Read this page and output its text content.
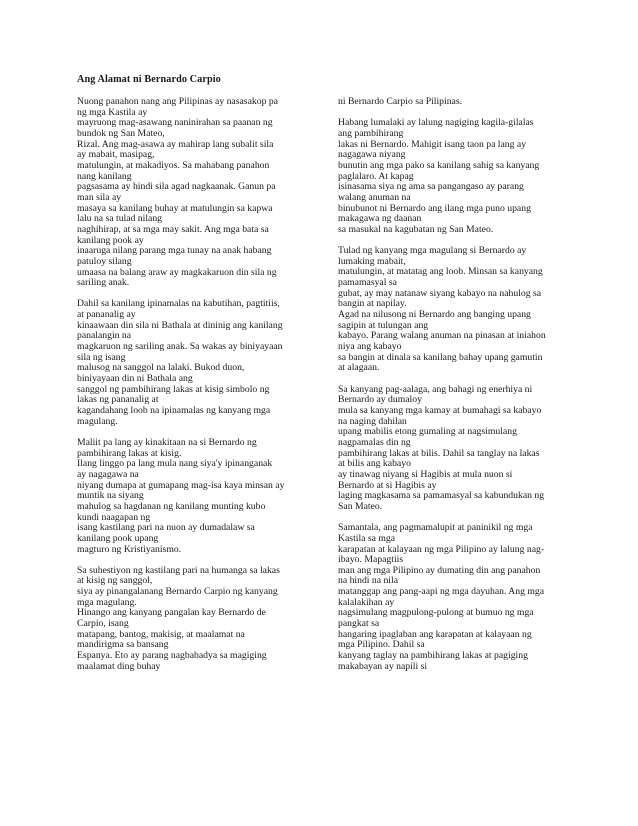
Ang Alamat ni Bernardo Carpio
Nuong panahon nang ang Pilipinas ay nasasakop pa
ng mga Kastila ay
mayruong mag-asawang naninirahan sa paanan ng
bundok ng San Mateo,
Rizal. Ang mag-asawa ay mahirap lang subalit sila
ay mabait, masipag,
matulungin, at makadiyos. Sa mahabang panahon
nang kanilang
pagsasama ay hindi sila agad nagkaanak. Ganun pa
man sila ay
masaya sa kanilang buhay at matulungin sa kapwa
lalu na sa tulad nilang
naghihirap, at sa mga may sakit. Ang mga bata sa
kanilang pook ay
inaaruga nilang parang mga tunay na anak habang
patuloy silang
umaasa na balang araw ay magkakaruon din sila ng
sariling anak.
Dahil sa kanilang ipinamalas na kabutihan, pagtitiis,
at pananalig ay
kinaawaan din sila ni Bathala at dininig ang kanilang
panalangin na
magkaruon ng sariling anak. Sa wakas ay biniyayaan
sila ng isang
malusog na sanggol na lalaki. Bukod duon,
biniyayaan din ni Bathala ang
sanggol ng pambihirang lakas at kisig simbolo ng
lakas ng pananalig at
kagandahang loob na ipinamalas ng kanyang mga
magulang.
Maliit pa lang ay kinakitaan na si Bernardo ng
pambihirang lakas at kisig.
Ilang linggo pa lang mula nang siya'y ipinanganak
ay nagagawa na
niyang dumapa at gumapang mag-isa kaya minsan ay
muntik na siyang
mahulog sa hagdanan ng kanilang munting kubo
kundi naagapan ng
isang kastilang pari na nuon ay dumadalaw sa
kanilang pook upang
magturo ng Kristiyanismo.
Sa suhestiyon ng kastilang pari na humanga sa lakas
at kisig ng sanggol,
siya ay pinangalanang Bernardo Carpio ng kanyang
mga magulang.
Hinango ang kanyang pangalan kay Bernardo de
Carpio, isang
matapang, bantog, makisig, at maalamat na
mandirigma sa bansang
Espanya. Eto ay parang nagbabadya sa magiging
maalamat ding buhay
ni Bernardo Carpio sa Pilipinas.
Habang lumalaki ay lalung nagiging kagila-gilalas
ang pambihirang
lakas ni Bernardo. Mahigit isang taon pa lang ay
nagagawa niyang
bunutin ang mga pako sa kanilang sahig sa kanyang
paglalaro. At kapag
isinasama siya ng ama sa pangangaso ay parang
walang anuman na
binubunot ni Bernardo ang ilang mga puno upang
makagawa ng daanan
sa masukal na kagubatan ng San Mateo.
Tulad ng kanyang mga magulang si Bernardo ay
lumaking mabait,
matulungin, at matatag ang loob. Minsan sa kanyang
pamamasyal sa
gubat, ay may natanaw siyang kabayo na nahulog sa
bangin at napilay.
Agad na nilusong ni Bernardo ang banging upang
sagipin at tulungan ang
kabayo. Parang walang anuman na pinasan at iniahon
niya ang kabayo
sa bangin at dinala sa kanilang bahay upang gamutin
at alagaan.
Sa kanyang pag-aalaga, ang bahagi ng enerhiya ni
Bernardo ay dumaloy
mula sa kanyang mga kamay at bumahagi sa kabayo
na naging dahilan
upang mabilis etong gumaling at nagsimulang
nagpamalas din ng
pambihirang lakas at bilis. Dahil sa tanglay na lakas
at bilis ang kabayo
ay tinawag niyang si Hagibis at mula nuon si
Bernardo at si Hagibis ay
laging magkasama sa pamamasyal sa kabundukan ng
San Mateo.
Samantala, ang pagmamalupit at paninikil ng mga
Kastila sa mga
karapatan at kalayaan ng mga Pilipino ay lalung nag-
ibayo. Mapagtiis
man ang mga Pilipino ay dumating din ang panahon
na hindi na nila
matanggap ang pang-aapi ng mga dayuhan. Ang mga
kalalakihan ay
nagsimulang magpulong-pulong at bumuo ng mga
pangkat sa
hangaring ipaglaban ang karapatan at kalayaan ng
mga Pilipino. Dahil sa
kanyang taglay na pambihirang lakas at pagiging
makabayan ay napili si
